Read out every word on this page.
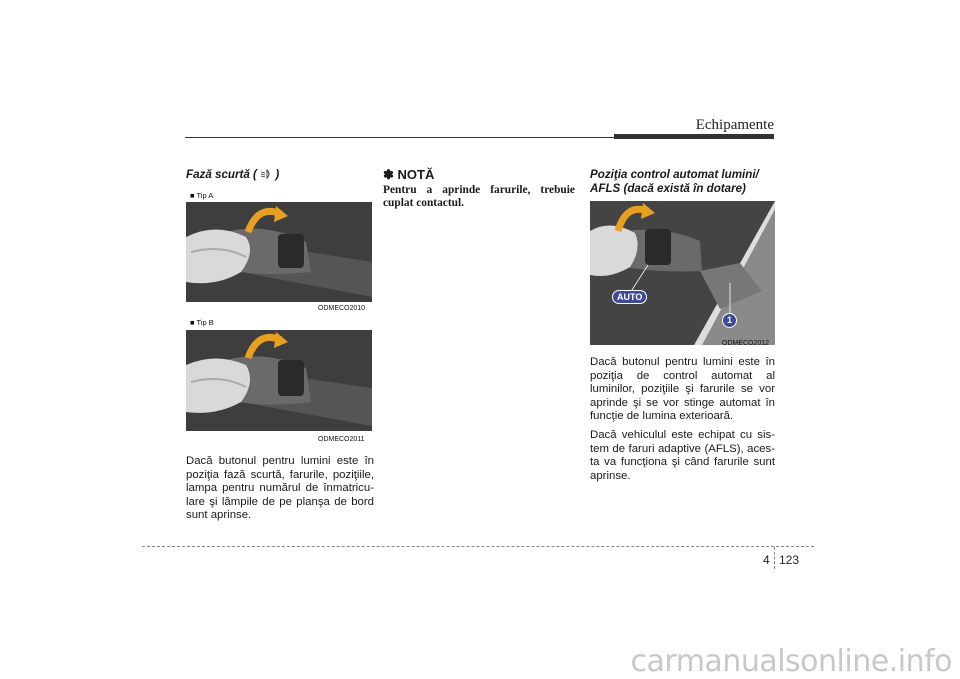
Echipamente
Fază scurtă ( )
■ Tip A
ODMECO2010
■ Tip B
ODMECO2011
Dacă butonul pentru lumini este în poziţia fază scurtă, farurile, poziţiile, lampa pentru numărul de înmatricu-lare şi lămpile de pe planşa de bord sunt aprinse.
✽ NOTĂ
Pentru a aprinde farurile, trebuie cuplat contactul.
Poziţia control automat lumini/
AFLS (dacă există în dotare)
AUTO
1
ODMECO2012
Dacă butonul pentru lumini este în poziţia de control automat al luminilor, poziţiile şi farurile se vor aprinde şi se vor stinge automat în funcţie de lumina exterioară.
Dacă vehiculul este echipat cu sis-tem de faruri adaptive (AFLS), aces-ta va funcţiona şi când farurile sunt aprinse.
4 123
carmanualsonline.info
